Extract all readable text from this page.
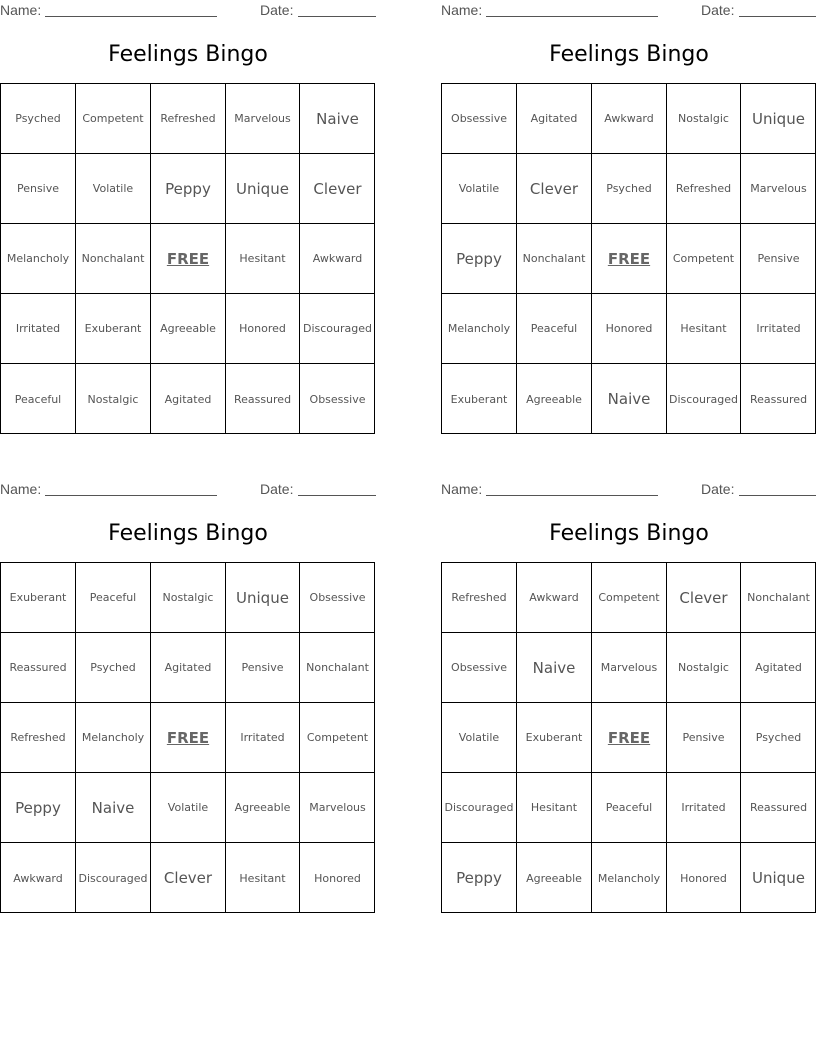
Name:	Date:
Feelings Bingo
Psyched	Competent	Refreshed	Marvelous	Naive
Pensive	Volatile	Peppy	Unique	Clever
Melancholy	Nonchalant	FREE	Hesitant	Awkward
Irritated	Exuberant	Agreeable	Honored	Discouraged
Peaceful	Nostalgic	Agitated	Reassured	Obsessive
Name:	Date:
Feelings Bingo
Obsessive	Agitated	Awkward	Nostalgic	Unique
Volatile	Clever	Psyched	Refreshed	Marvelous
Peppy	Nonchalant	FREE	Competent	Pensive
Melancholy	Peaceful	Honored	Hesitant	Irritated
Exuberant	Agreeable	Naive	Discouraged	Reassured
Name:	Date:
Feelings Bingo
Exuberant	Peaceful	Nostalgic	Unique	Obsessive
Reassured	Psyched	Agitated	Pensive	Nonchalant
Refreshed	Melancholy	FREE	Irritated	Competent
Peppy	Naive	Volatile	Agreeable	Marvelous
Awkward	Discouraged	Clever	Hesitant	Honored
Name:	Date:
Feelings Bingo
Refreshed	Awkward	Competent	Clever	Nonchalant
Obsessive	Naive	Marvelous	Nostalgic	Agitated
Volatile	Exuberant	FREE	Pensive	Psyched
Discouraged	Hesitant	Peaceful	Irritated	Reassured
Peppy	Agreeable	Melancholy	Honored	Unique
